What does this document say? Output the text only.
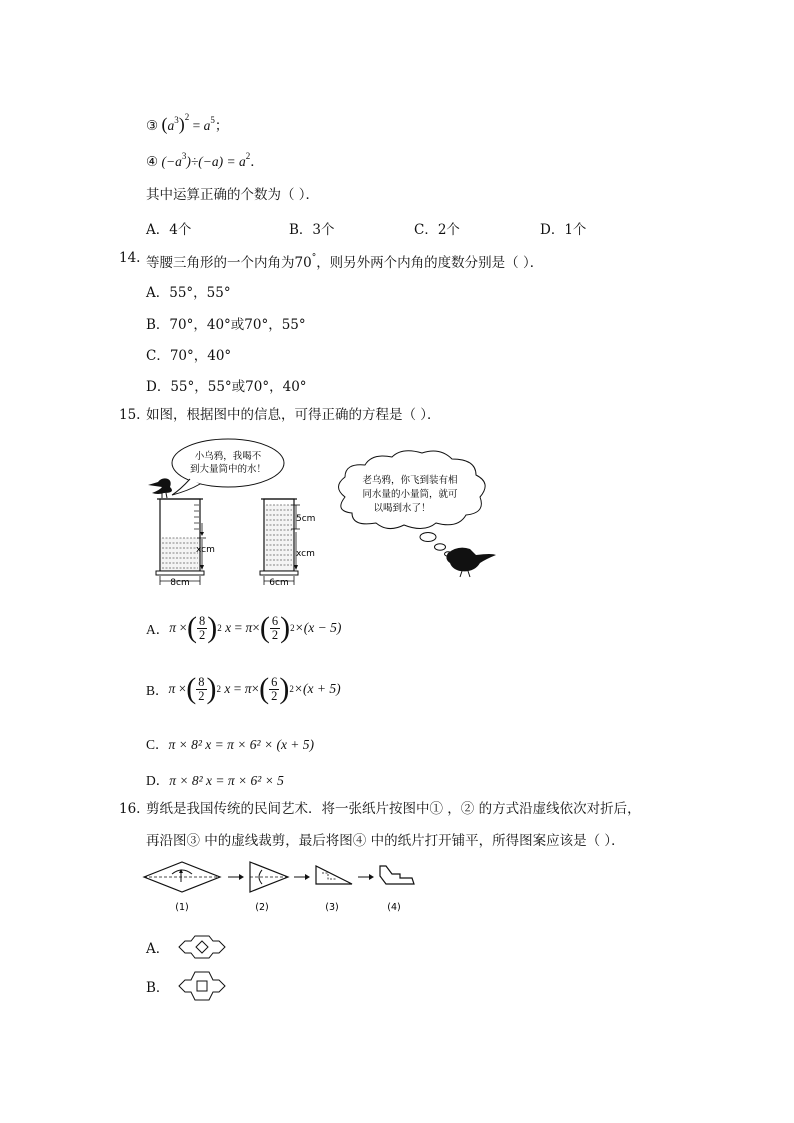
③ $(a^3)^2 = a^5$；
④ $(-a^3)\div(-a) = a^2$．
其中运算正确的个数为（ ）．
A．4个	B．3个	C．2个	D．1个
14. 等腰三角形的一个内角为70°，则另外两个内角的度数分别是（ ）．
A．55°，55°
B．70°，40°或70°，55°
C．70°，40°
D．55°，55°或70°，40°
15. 如图，根据图中的信息，可得正确的方程是（ ）．
小乌鸦，我喝不
到大量筒中的水！
xcm
8cm
5cm
xcm
6cm
老乌鸦，你飞到装有相
同水量的小量筒，就可
以喝到水了！
A． π
× ( $\frac{8}{2}$ ) 2
x
=
π × ( $\frac{6}{2}$ ) 2 ×(x − 5)
B． π
× ( $\frac{8}{2}$ ) 2
x
=
π × ( $\frac{6}{2}$ ) 2 ×(x + 5)
C．π × 8² x = π × 6² × (x + 5)
D．π × 8² x = π × 6² × 5
16. 剪纸是我国传统的民间艺术．将一张纸片按图中① ，② 的方式沿虚线依次对折后，
再沿图③ 中的虚线裁剪，最后将图④ 中的纸片打开铺平，所得图案应该是（ ）．
(1)	(2)	(3)	(4)
A．
B．
